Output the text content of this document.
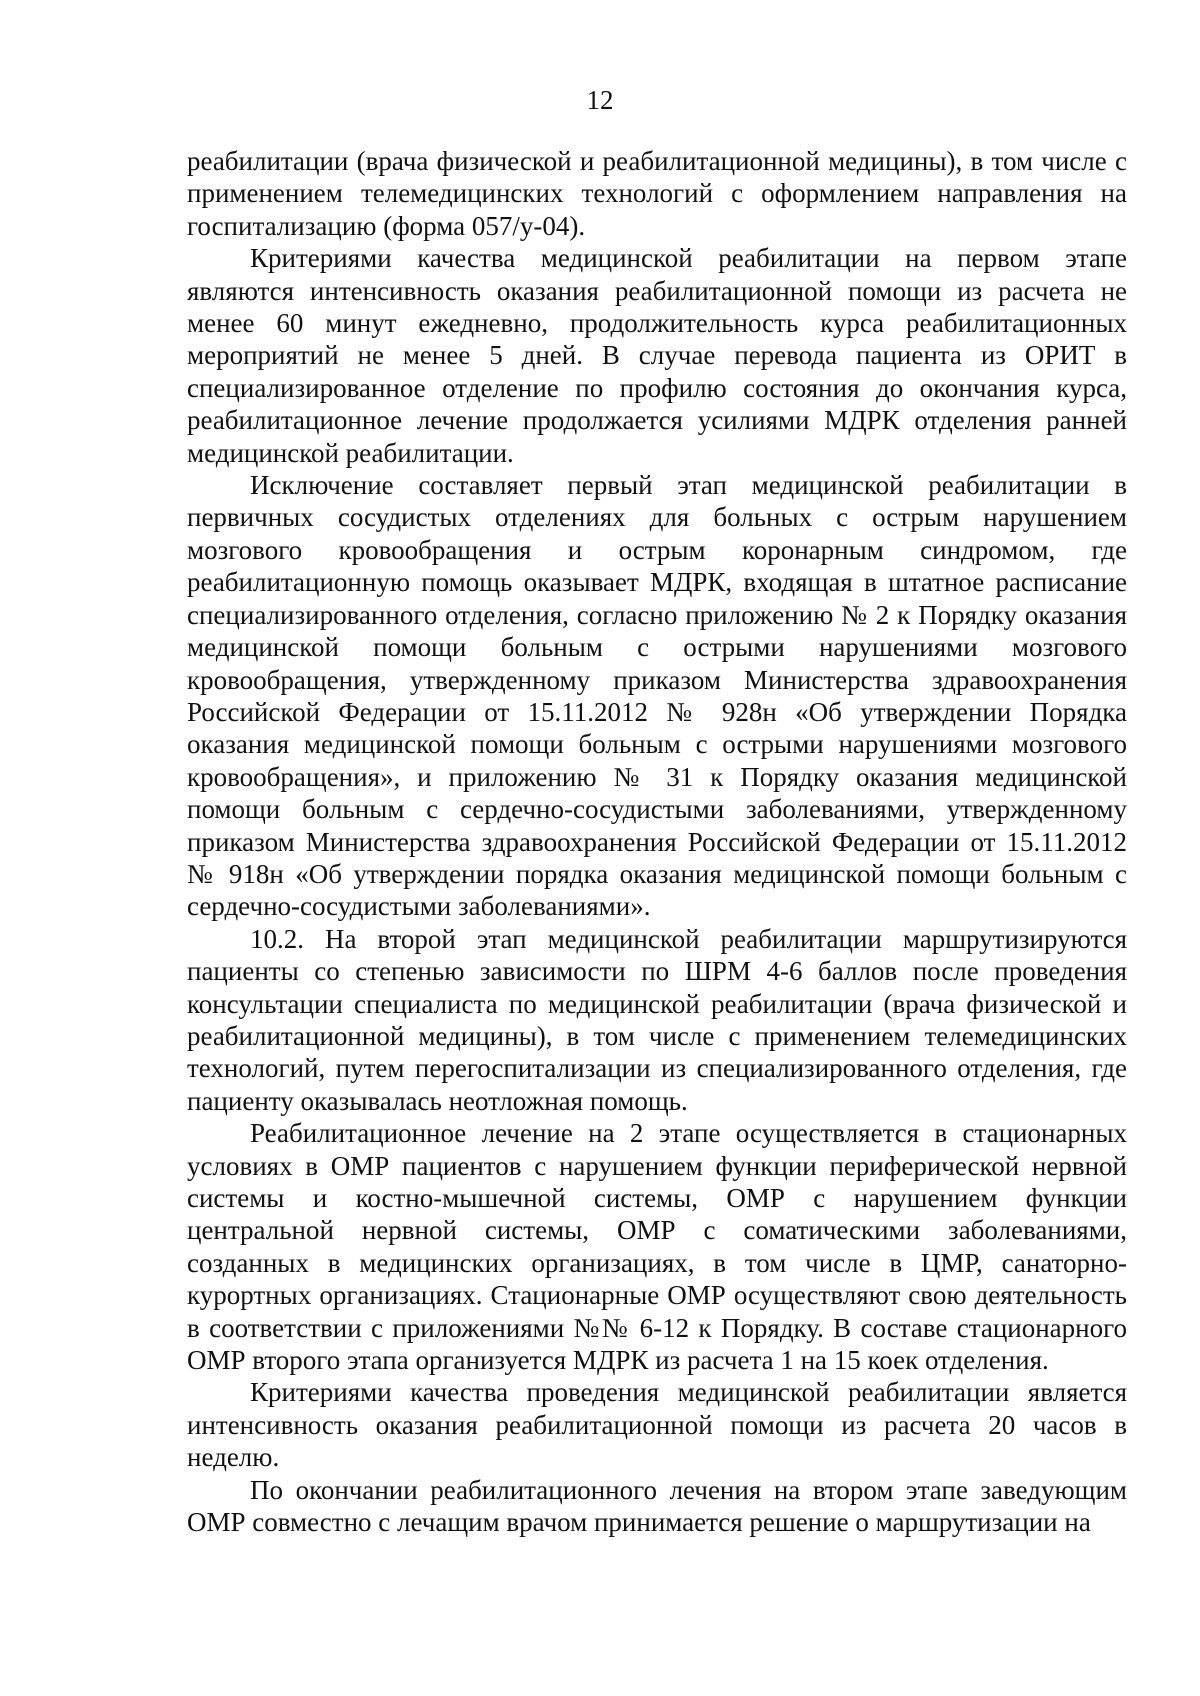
12

реабилитации (врача физической и реабилитационной медицины), в том числе с применением телемедицинских технологий с оформлением направления на госпитализацию (форма 057/у-04).

Критериями качества медицинской реабилитации на первом этапе являются интенсивность оказания реабилитационной помощи из расчета не менее 60 минут ежедневно, продолжительность курса реабилитационных мероприятий не менее 5 дней. В случае перевода пациента из ОРИТ в специализированное отделение по профилю состояния до окончания курса, реабилитационное лечение продолжается усилиями МДРК отделения ранней медицинской реабилитации.

Исключение составляет первый этап медицинской реабилитации в первичных сосудистых отделениях для больных с острым нарушением мозгового кровообращения и острым коронарным синдромом, где реабилитационную помощь оказывает МДРК, входящая в штатное расписание специализированного отделения, согласно приложению № 2 к Порядку оказания медицинской помощи больным с острыми нарушениями мозгового кровообращения, утвержденному приказом Министерства здравоохранения Российской Федерации от 15.11.2012 № 928н «Об утверждении Порядка оказания медицинской помощи больным с острыми нарушениями мозгового кровообращения», и приложению № 31 к Порядку оказания медицинской помощи больным с сердечно-сосудистыми заболеваниями, утвержденному приказом Министерства здравоохранения Российской Федерации от 15.11.2012 № 918н «Об утверждении порядка оказания медицинской помощи больным с сердечно-сосудистыми заболеваниями».

10.2. На второй этап медицинской реабилитации маршрутизируются пациенты со степенью зависимости по ШРМ 4-6 баллов после проведения консультации специалиста по медицинской реабилитации (врача физической и реабилитационной медицины), в том числе с применением телемедицинских технологий, путем перегоспитализации из специализированного отделения, где пациенту оказывалась неотложная помощь.

Реабилитационное лечение на 2 этапе осуществляется в стационарных условиях в ОМР пациентов с нарушением функции периферической нервной системы и костно-мышечной системы, ОМР с нарушением функции центральной нервной системы, ОМР с соматическими заболеваниями, созданных в медицинских организациях, в том числе в ЦМР, санаторно-курортных организациях. Стационарные ОМР осуществляют свою деятельность в соответствии с приложениями №№ 6-12 к Порядку. В составе стационарного ОМР второго этапа организуется МДРК из расчета 1 на 15 коек отделения.

Критериями качества проведения медицинской реабилитации является интенсивность оказания реабилитационной помощи из расчета 20 часов в неделю.

По окончании реабилитационного лечения на втором этапе заведующим ОМР совместно с лечащим врачом принимается решение о маршрутизации на
